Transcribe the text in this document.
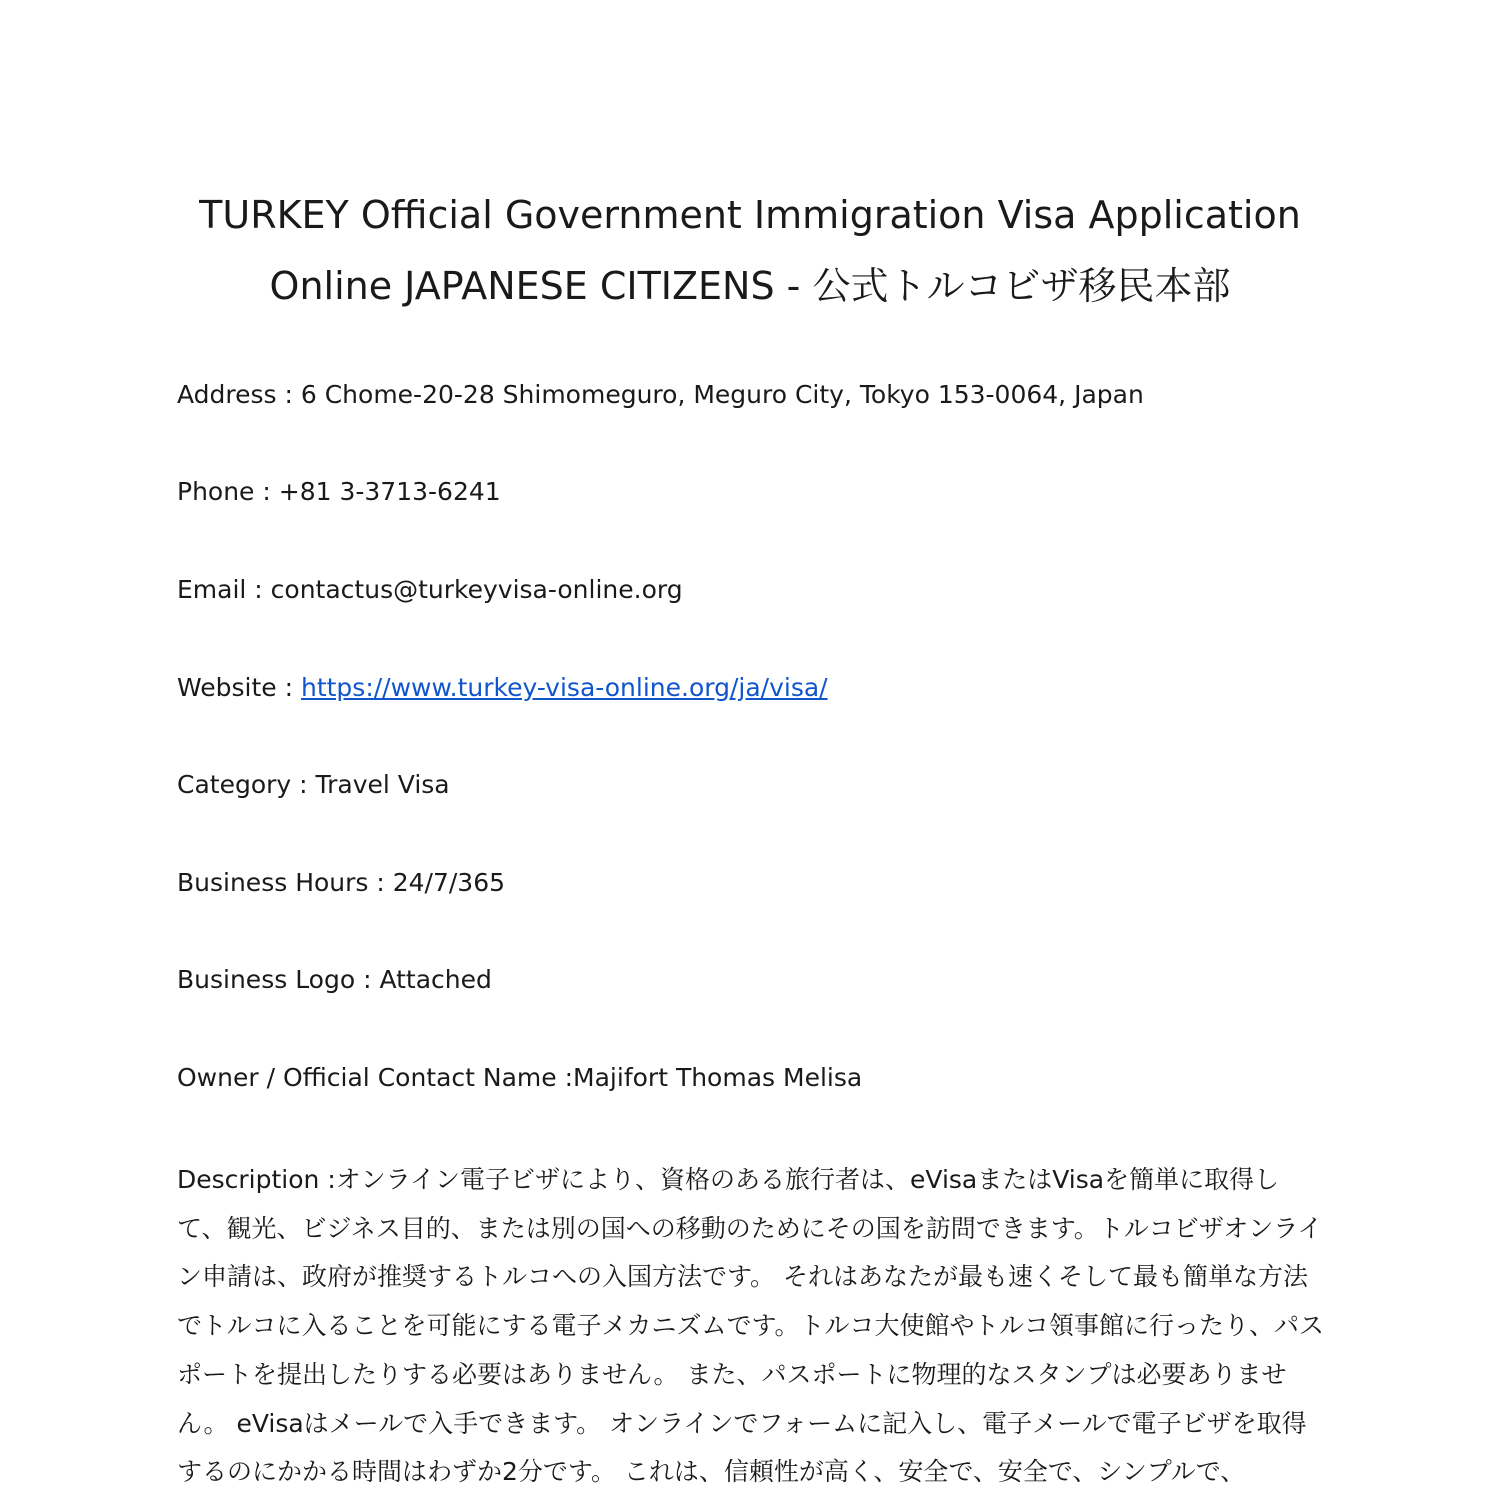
TURKEY Official Government Immigration Visa Application
Online JAPANESE CITIZENS - 公式トルコビザ移民本部

Address : 6 Chome-20-28 Shimomeguro, Meguro City, Tokyo 153-0064, Japan

Phone : +81 3-3713-6241

Email : contactus@turkeyvisa-online.org

Website : https://www.turkey-visa-online.org/ja/visa/

Category : Travel Visa

Business Hours : 24/7/365

Business Logo : Attached

Owner / Official Contact Name :Majifort Thomas Melisa

Description :オンライン電子ビザにより、資格のある旅行者は、eVisaまたはVisaを簡単に取得して、観光、ビジネス目的、または別の国への移動のためにその国を訪問できます。トルコビザオンライン申請は、政府が推奨するトルコへの入国方法です。 それはあなたが最も速くそして最も簡単な方法でトルコに入ることを可能にする電子メカニズムです。トルコ大使館やトルコ領事館に行ったり、パスポートを提出したりする必要はありません。 また、パスポートに物理的なスタンプは必要ありません。 eVisaはメールで入手できます。 オンラインでフォームに記入し、電子メールで電子ビザを取得するのにかかる時間はわずか2分です。 これは、信頼性が高く、安全で、安全で、シンプルで、
